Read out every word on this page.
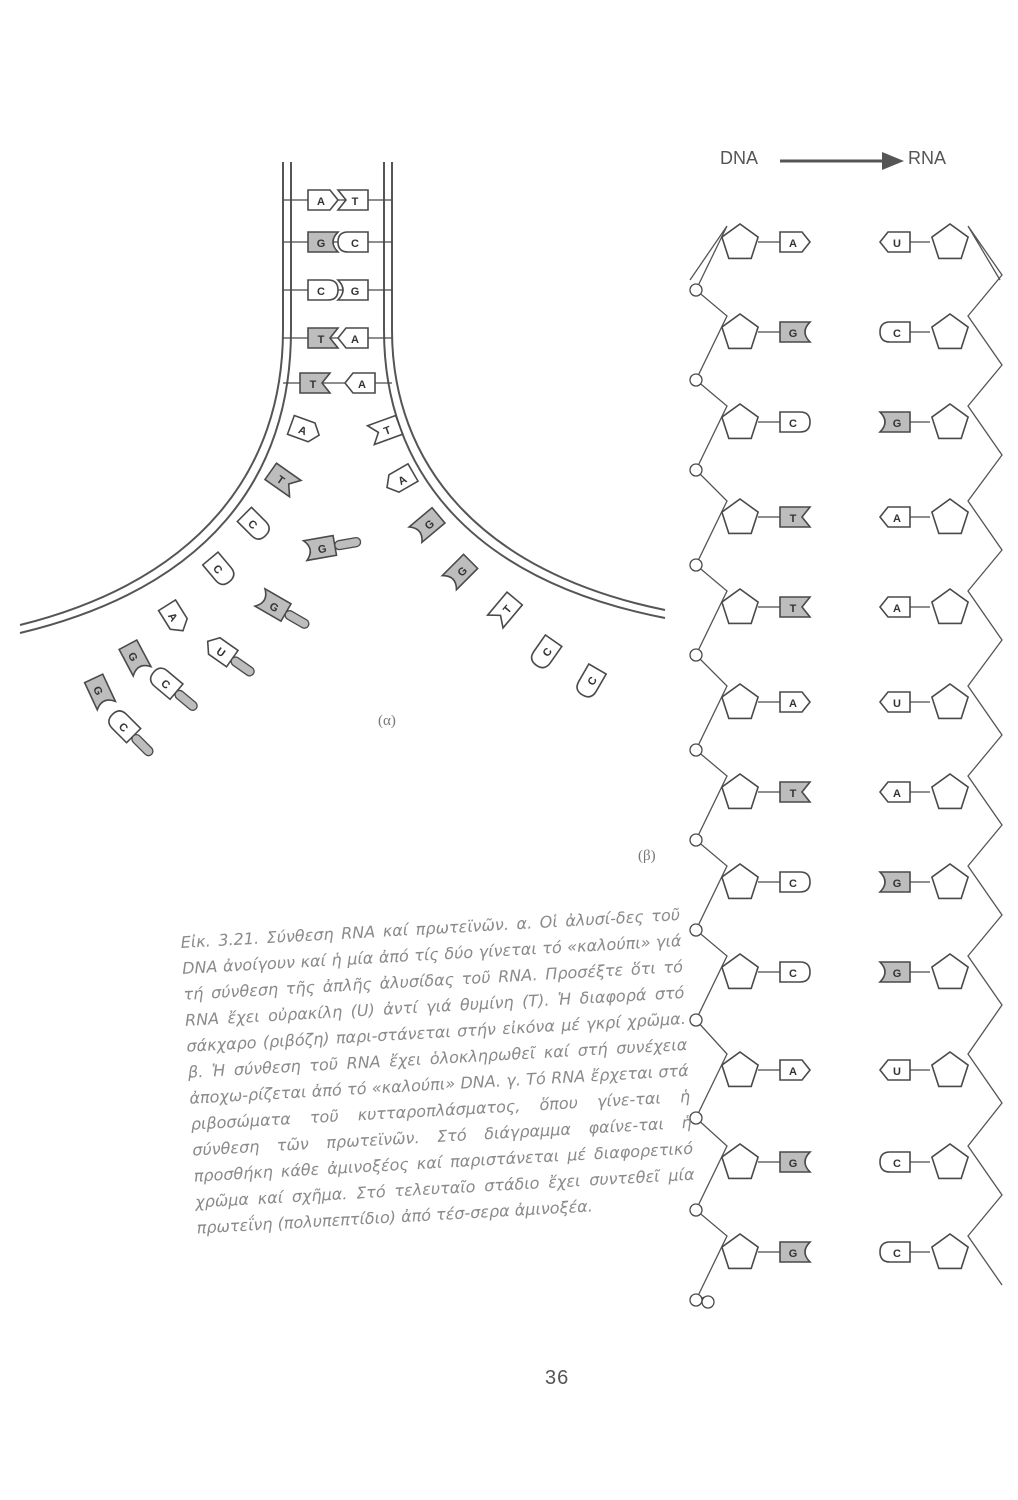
A T
G C
C G
T A
T	A
A
T
C
C
A
G
G
T
A
G
G
T
C
C
G
G
U
C
C	(α)
DNA	RNA
A	U
G	C
C	G
T	A
T	A
A	U
T	A
C	G
C	G
A	U
G	C
G	C
(β)
Εἰκ. 3.21. Σύνθεση RNA καί πρωτεϊνῶν. α. Οἱ ἀλυσί-δες τοῦ DNA ἀνοίγουν καί ἡ μία ἀπό τίς δύο γίνεται τό «καλούπι» γιά τή σύνθεση τῆς ἀπλῆς ἀλυσίδας τοῦ RNA. Προσέξτε ὅτι τό RNA ἔχει οὐρακίλη (U) ἀντί γιά θυμίνη (T). Ἡ διαφορά στό σάκχαρο (ριβόζη) παρι-στάνεται στήν εἰκόνα μέ γκρί χρῶμα. β. Ἡ σύνθεση τοῦ RNA ἔχει ὁλοκληρωθεῖ καί στή συνέχεια ἀποχω-ρίζεται ἀπό τό «καλούπι» DNA. γ. Τό RNA ἔρχεται στά ριβοσώματα τοῦ κυτταροπλάσματος, ὅπου γίνε-ται ἡ σύνθεση τῶν πρωτεϊνῶν. Στό διάγραμμα φαίνε-ται ἡ προσθήκη κάθε ἀμινοξέος καί παριστάνεται μέ διαφορετικό χρῶμα καί σχῆμα. Στό τελευταῖο στάδιο ἔχει συντεθεῖ μία πρωτεΐνη (πολυπεπτίδιο) ἀπό τέσ-σερα ἀμινοξέα.
36
